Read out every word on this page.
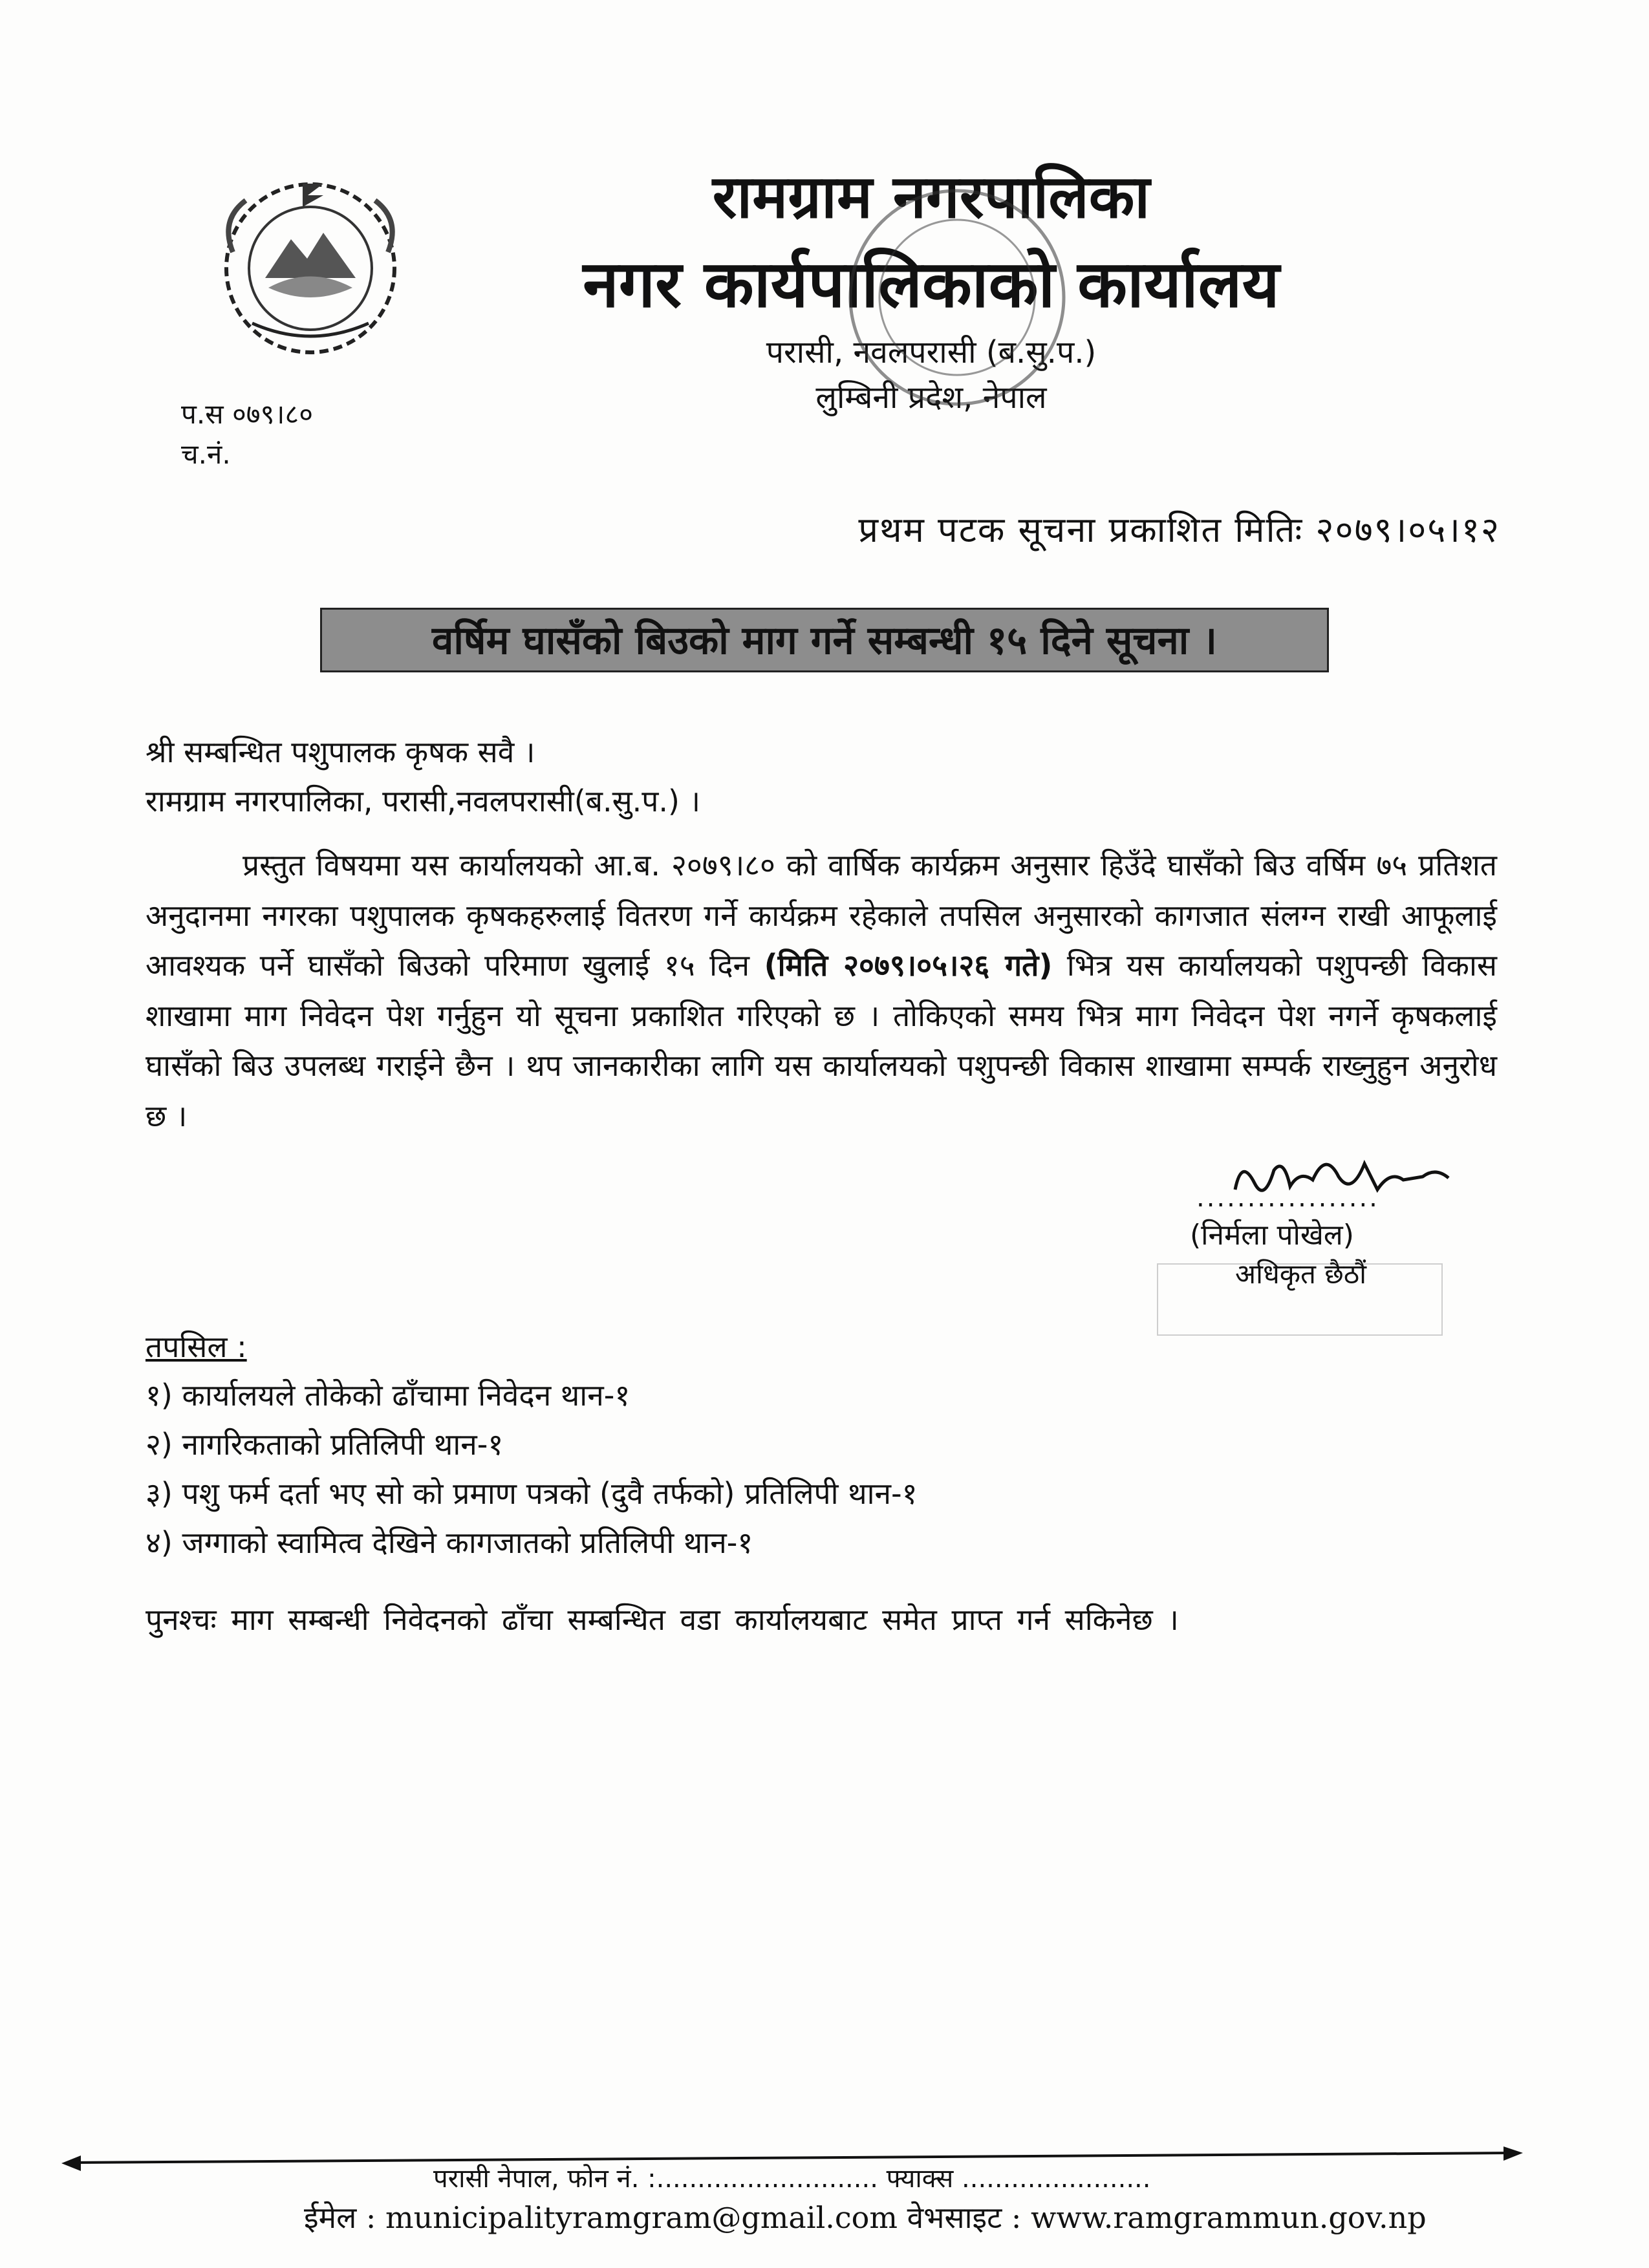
रामग्राम नगरपालिका

नगर कार्यपालिकाको कार्यालय

परासी, नवलपरासी (ब.सु.प.)

लुम्बिनी प्रदेश, नेपाल

प.स ०७९।८०
च.नं.
प्रथम पटक सूचना प्रकाशित मितिः २०७९।०५।१२
वर्षिम घासँको बिउको माग गर्ने सम्बन्धी १५ दिने सूचना ।
श्री सम्बन्धित पशुपालक कृषक सवै ।
रामग्राम नगरपालिका, परासी,नवलपरासी(ब.सु.प.) ।
प्रस्तुत विषयमा यस कार्यालयको आ.ब. २०७९।८० को वार्षिक कार्यक्रम अनुसार हिउँदे घासँको बिउ वर्षिम ७५ प्रतिशत अनुदानमा नगरका पशुपालक कृषकहरुलाई वितरण गर्ने कार्यक्रम रहेकाले तपसिल अनुसारको कागजात संलग्न राखी आफूलाई आवश्यक पर्ने घासँको बिउको परिमाण खुलाई १५ दिन (मिति २०७९।०५।२६ गते) भित्र यस कार्यालयको पशुपन्छी विकास शाखामा माग निवेदन पेश गर्नुहुन यो सूचना प्रकाशित गरिएको छ । तोकिएको समय भित्र माग निवेदन पेश नगर्ने कृषकलाई घासँको बिउ उपलब्ध गराईने छैन । थप जानकारीका लागि यस कार्यालयको पशुपन्छी विकास शाखामा सम्पर्क राख्नुहुन अनुरोध छ ।
..................
(निर्मला पोखेल)
अधिकृत छैठौं
तपसिल :
१) कार्यालयले तोकेको ढाँचामा निवेदन थान-१
२) नागरिकताको प्रतिलिपी थान-१
३) पशु फर्म दर्ता भए सो को प्रमाण पत्रको (दुवै तर्फको) प्रतिलिपी थान-१
४) जग्गाको स्वामित्व देखिने कागजातको प्रतिलिपी थान-१
पुनश्चः माग सम्बन्धी निवेदनको ढाँचा सम्बन्धित वडा कार्यालयबाट समेत प्राप्त गर्न सकिनेछ ।
परासी नेपाल, फोन नं. :........................... फ्याक्स .......................
ईमेल : municipalityramgram@gmail.com वेभसाइट : www.ramgrammun.gov.np
